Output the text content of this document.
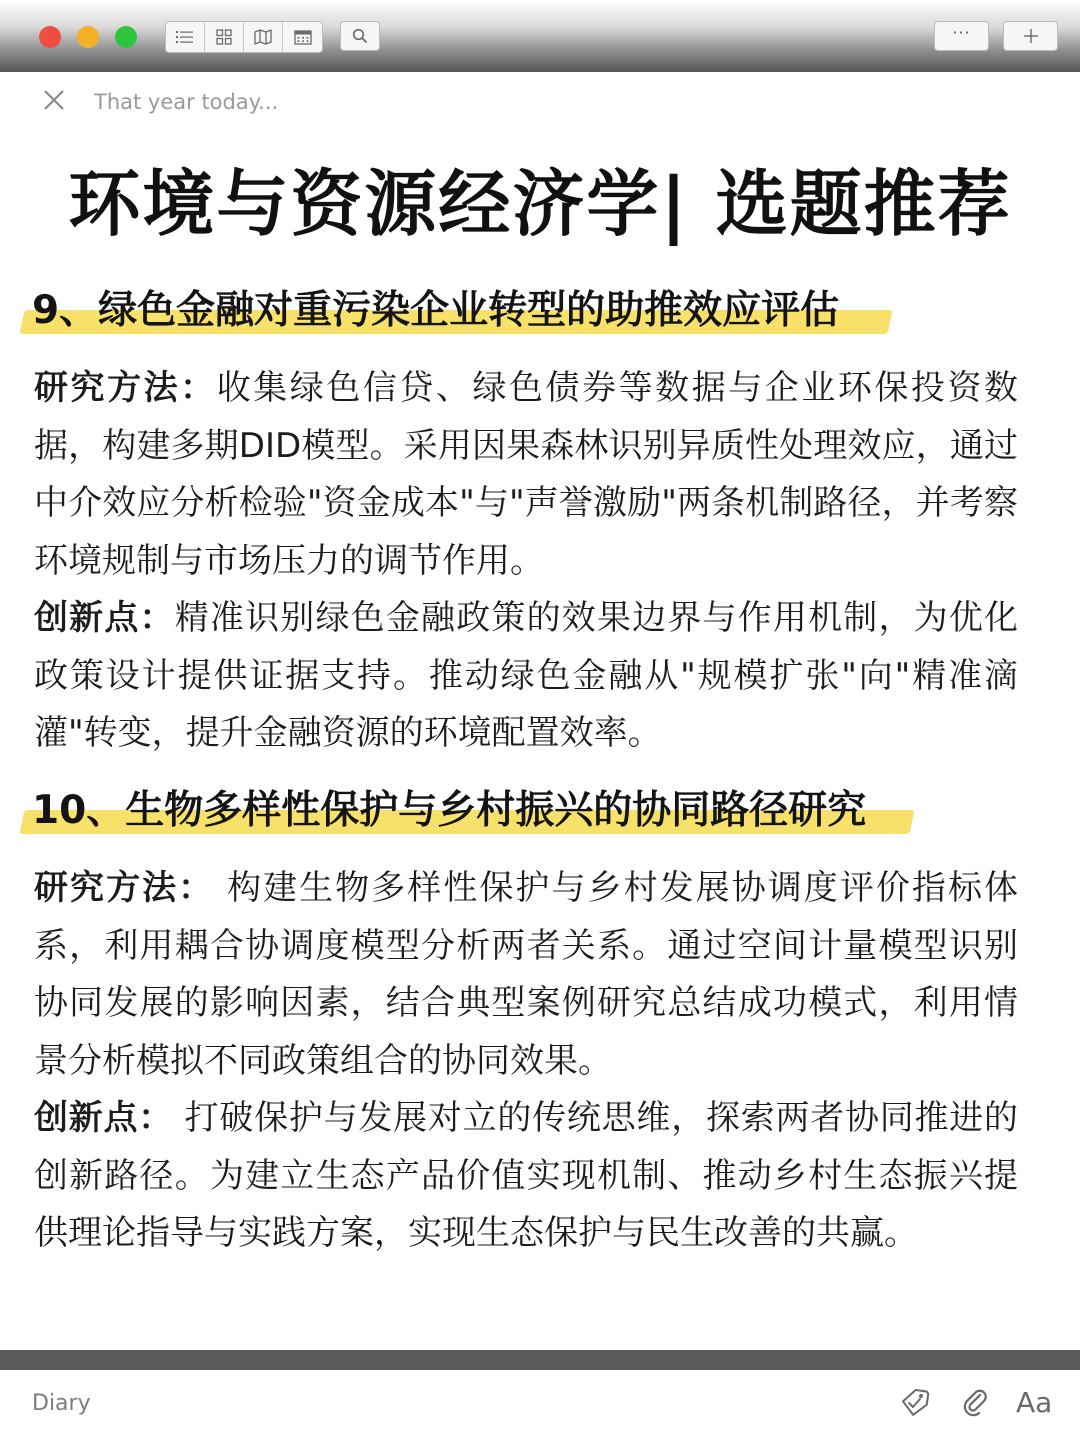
···
That year today...
环境与资源经济学| 选题推荐
9、绿色金融对重污染企业转型的助推效应评估

研究方法：收集绿色信贷、绿色债券等数据与企业环保投资数据，构建多期DID模型。采用因果森林识别异质性处理效应，通过中介效应分析检验"资金成本"与"声誉激励"两条机制路径，并考察环境规制与市场压力的调节作用。

创新点：精准识别绿色金融政策的效果边界与作用机制，为优化政策设计提供证据支持。推动绿色金融从"规模扩张"向"精准滴灌"转变，提升金融资源的环境配置效率。

10、生物多样性保护与乡村振兴的协同路径研究

研究方法： 构建生物多样性保护与乡村发展协调度评价指标体系，利用耦合协调度模型分析两者关系。通过空间计量模型识别协同发展的影响因素，结合典型案例研究总结成功模式，利用情景分析模拟不同政策组合的协同效果。

创新点： 打破保护与发展对立的传统思维，探索两者协同推进的创新路径。为建立生态产品价值实现机制、推动乡村生态振兴提供理论指导与实践方案，实现生态保护与民生改善的共赢。

Diary	Aa
